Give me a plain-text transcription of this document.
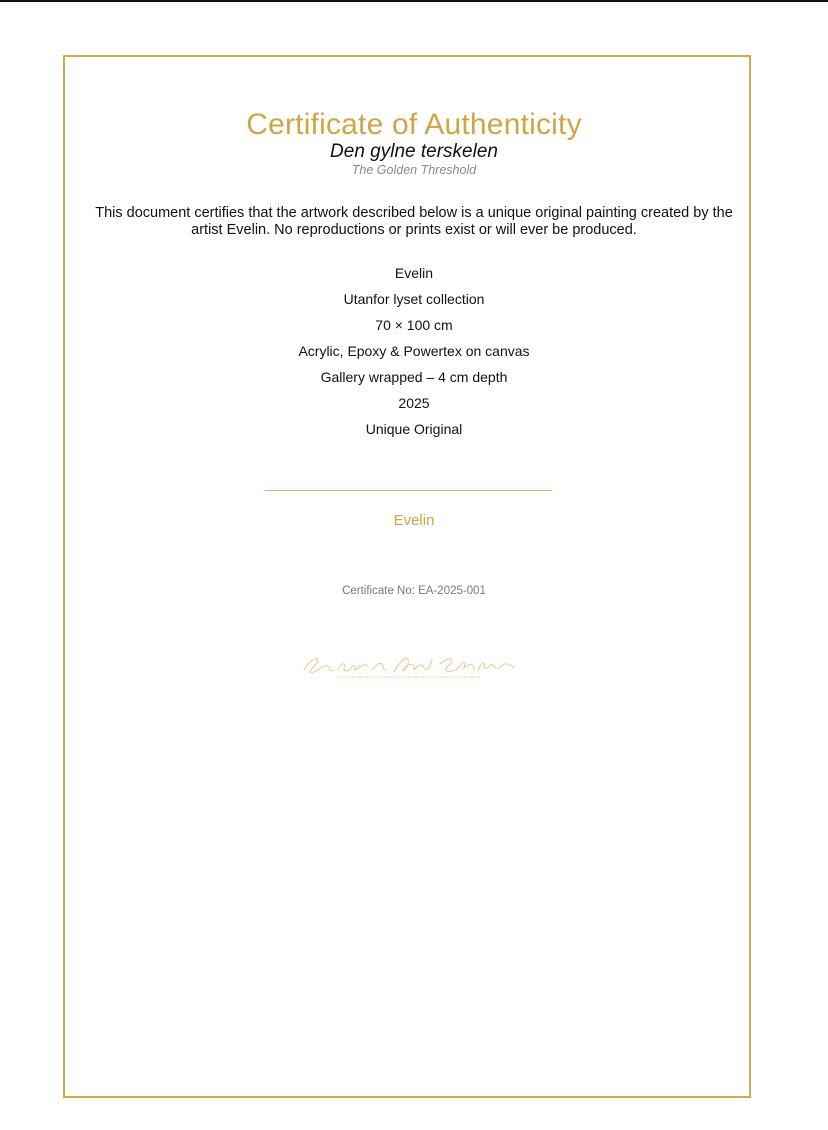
Certificate of Authenticity
Den gylne terskelen
The Golden Threshold
This document certifies that the artwork described below is a unique original painting created by the artist Evelin. No reproductions or prints exist or will ever be produced.
Evelin
Utanfor lyset collection
70 × 100 cm
Acrylic, Epoxy & Powertex on canvas
Gallery wrapped – 4 cm depth
2025
Unique Original
Evelin
Certificate No: EA-2025-001
